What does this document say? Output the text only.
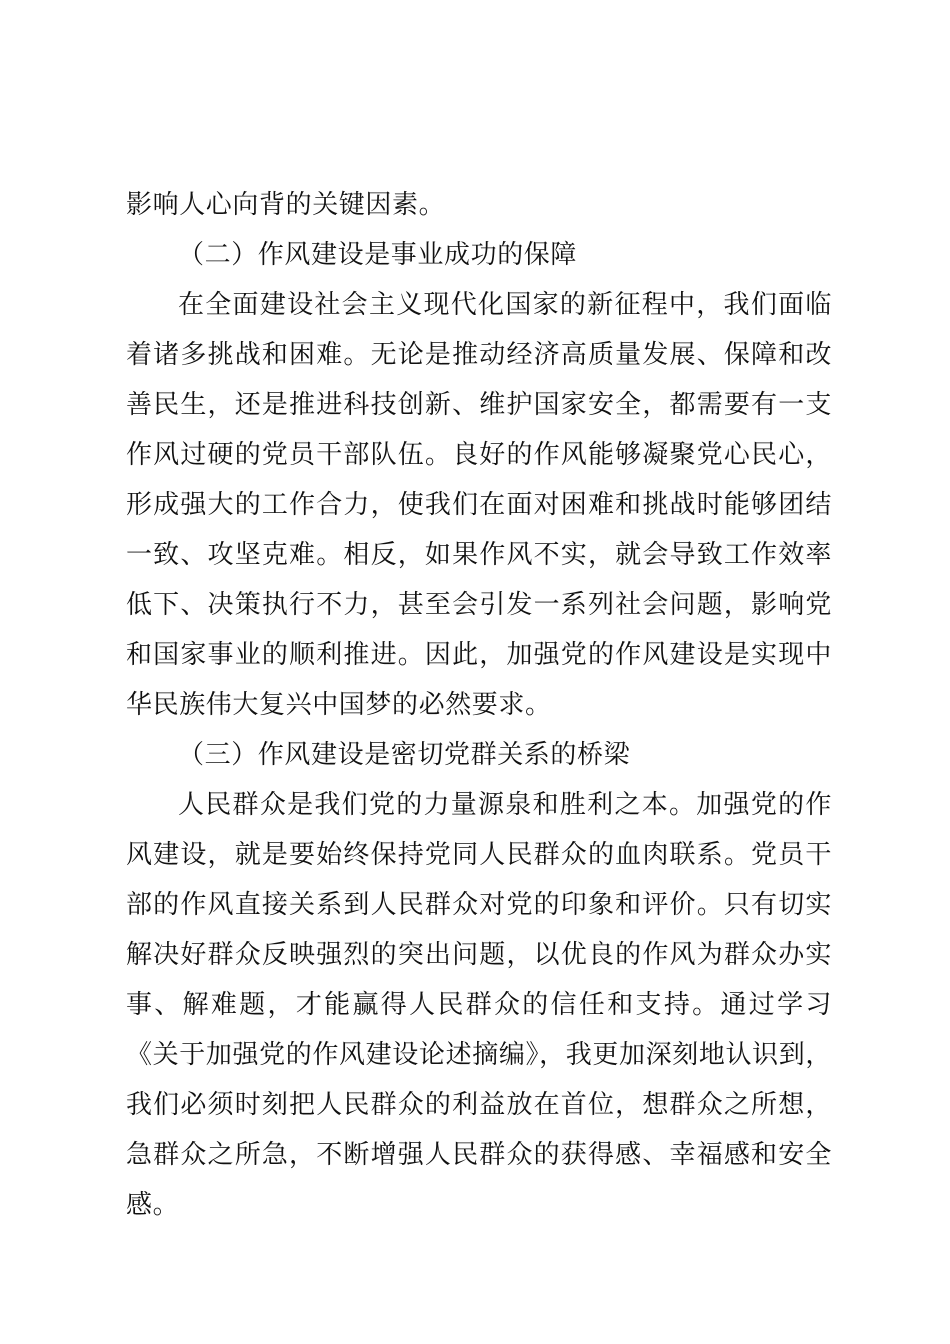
影响人心向背的关键因素。

（二）作风建设是事业成功的保障

在全面建设社会主义现代化国家的新征程中，我们面临着诸多挑战和困难。无论是推动经济高质量发展、保障和改善民生，还是推进科技创新、维护国家安全，都需要有一支作风过硬的党员干部队伍。良好的作风能够凝聚党心民心，形成强大的工作合力，使我们在面对困难和挑战时能够团结一致、攻坚克难。相反，如果作风不实，就会导致工作效率低下、决策执行不力，甚至会引发一系列社会问题，影响党和国家事业的顺利推进。因此，加强党的作风建设是实现中华民族伟大复兴中国梦的必然要求。

（三）作风建设是密切党群关系的桥梁

人民群众是我们党的力量源泉和胜利之本。加强党的作风建设，就是要始终保持党同人民群众的血肉联系。党员干部的作风直接关系到人民群众对党的印象和评价。只有切实解决好群众反映强烈的突出问题，以优良的作风为群众办实事、解难题，才能赢得人民群众的信任和支持。通过学习《关于加强党的作风建设论述摘编》，我更加深刻地认识到，我们必须时刻把人民群众的利益放在首位，想群众之所想，急群众之所急，不断增强人民群众的获得感、幸福感和安全感。
